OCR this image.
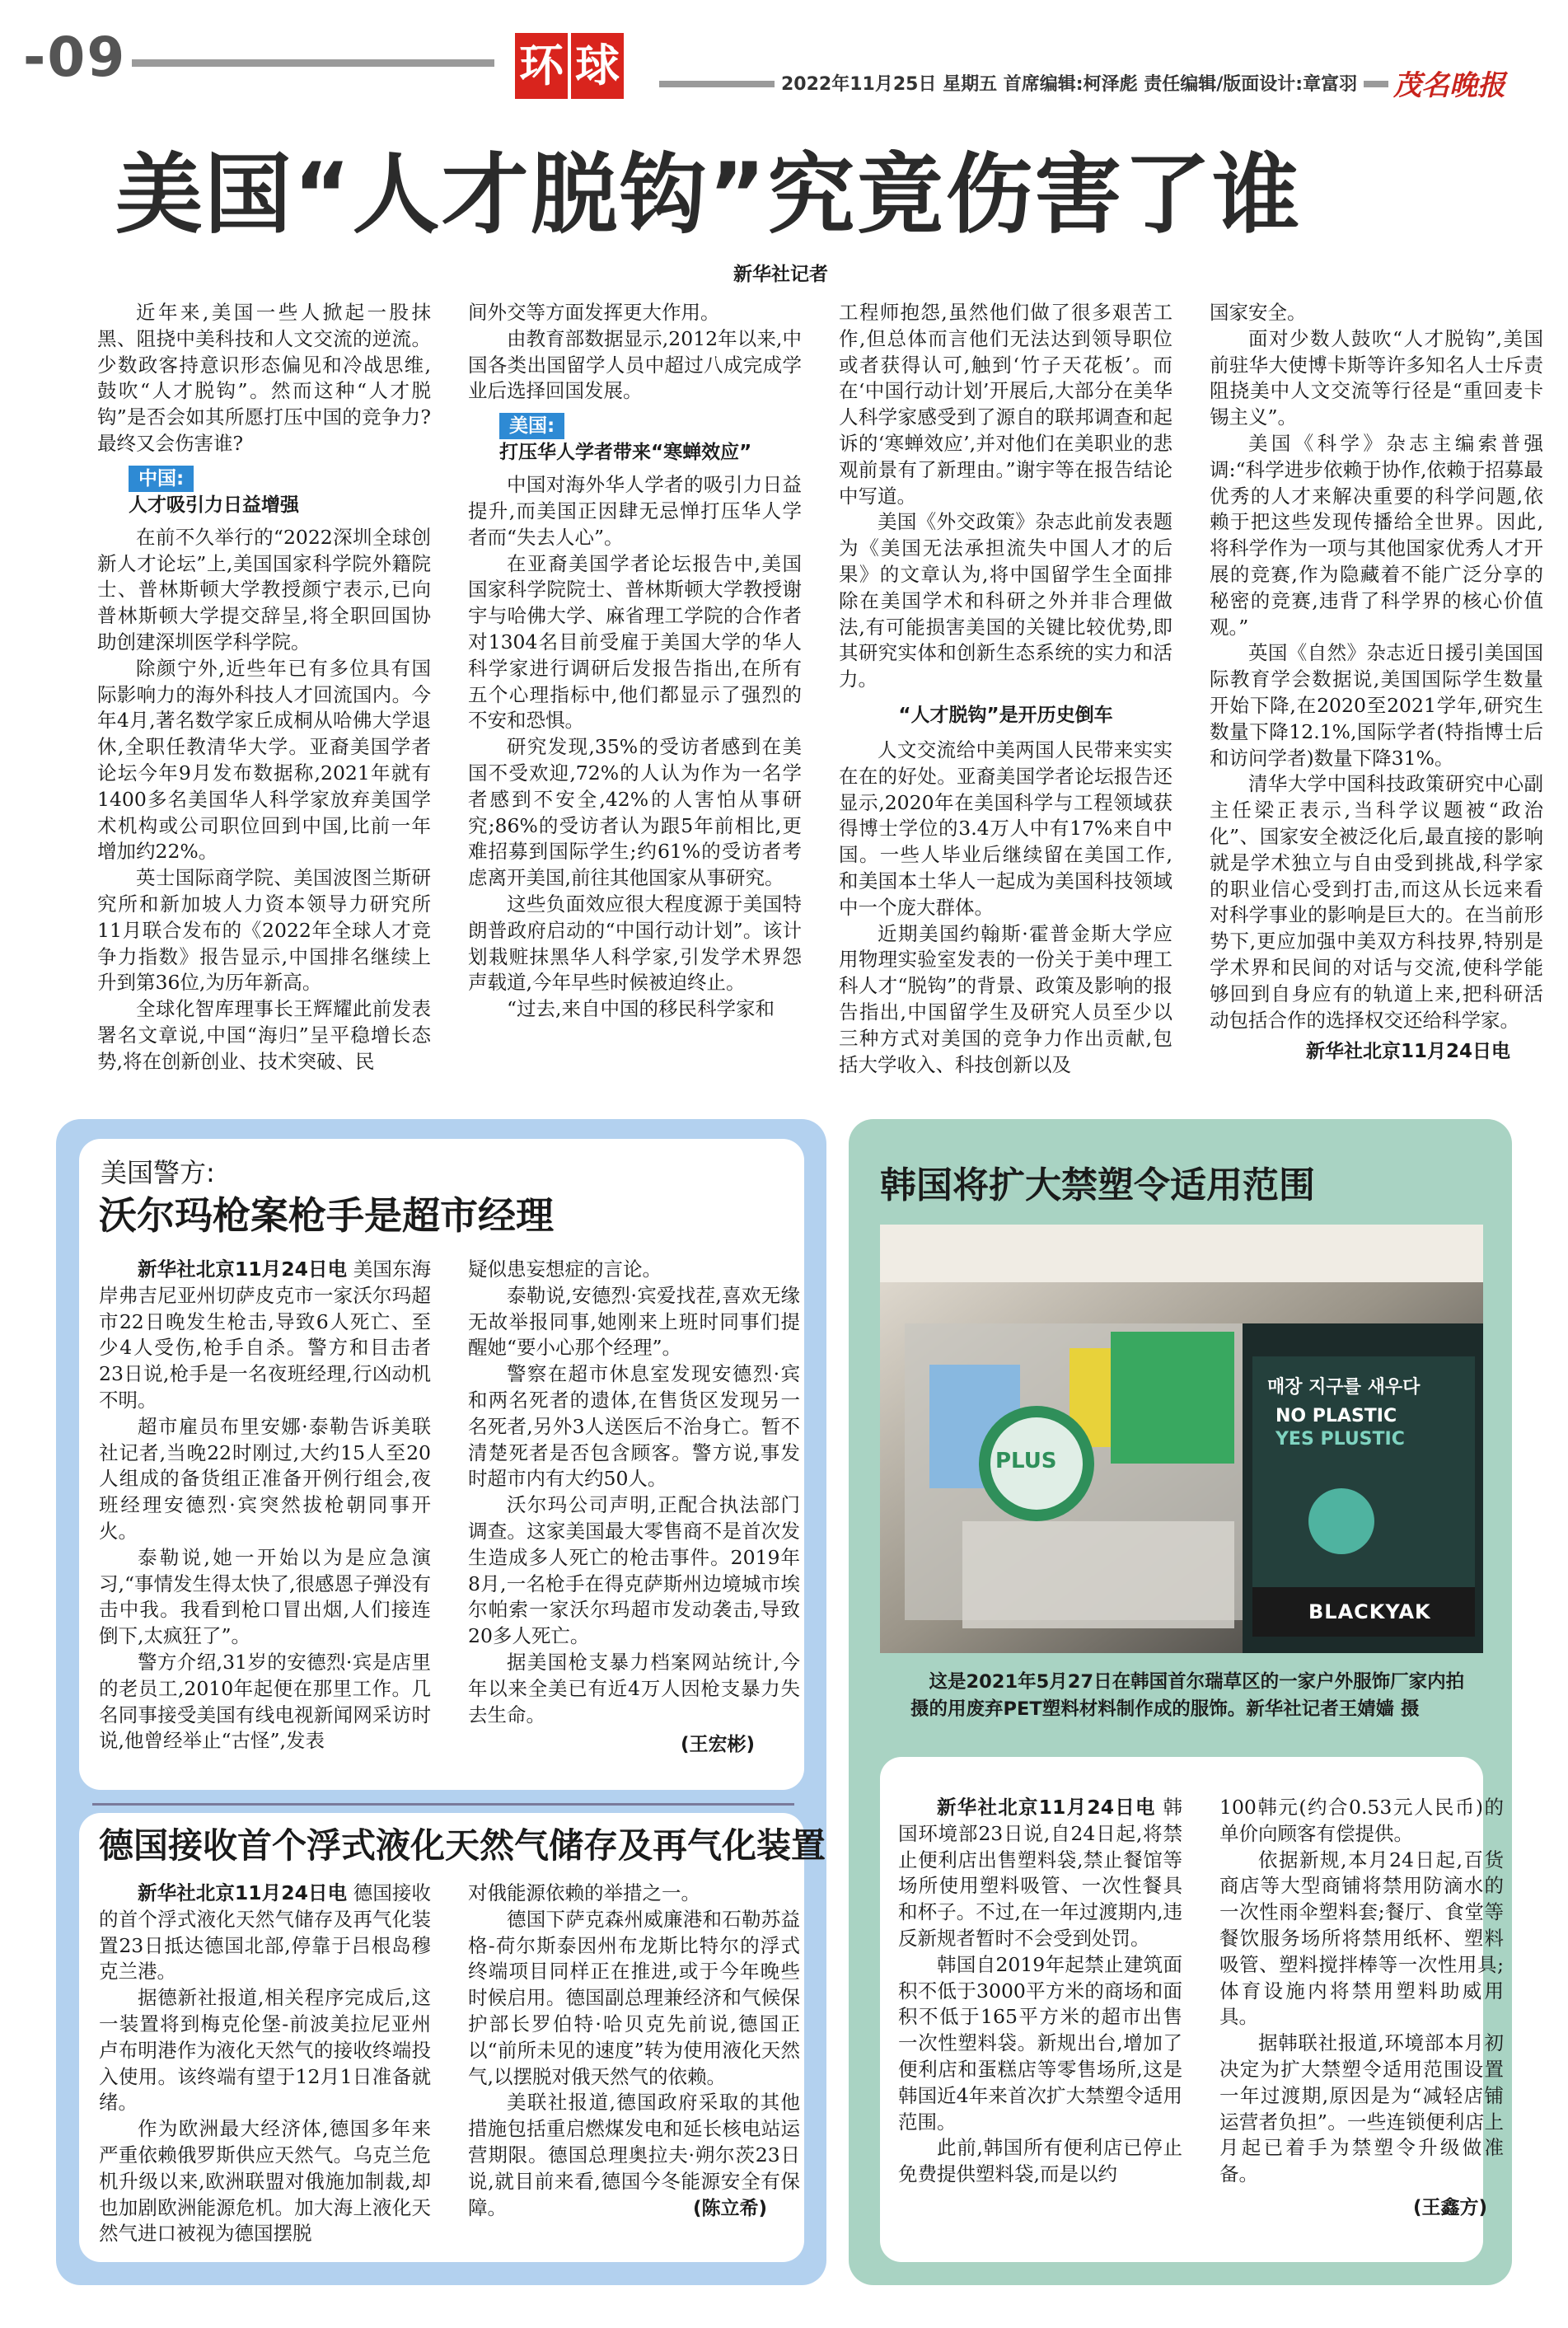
-09	环 球	2022年11月25日 星期五 首席编辑:柯泽彪 责任编辑/版面设计:章富羽 茂名晚报
美国“人才脱钩”究竟伤害了谁
新华社记者

近年来,美国一些人掀起一股抹黑、阻挠中美科技和人文交流的逆流。少数政客持意识形态偏见和冷战思维,鼓吹“人才脱钩”。然而这种“人才脱钩”是否会如其所愿打压中国的竞争力?最终又会伤害谁?

中国:
人才吸引力日益增强

在前不久举行的“2022深圳全球创新人才论坛”上,美国国家科学院外籍院士、普林斯顿大学教授颜宁表示,已向普林斯顿大学提交辞呈,将全职回国协助创建深圳医学科学院。

除颜宁外,近些年已有多位具有国际影响力的海外科技人才回流国内。今年4月,著名数学家丘成桐从哈佛大学退休,全职任教清华大学。亚裔美国学者论坛今年9月发布数据称,2021年就有1400多名美国华人科学家放弃美国学术机构或公司职位回到中国,比前一年增加约22%。

英士国际商学院、美国波图兰斯研究所和新加坡人力资本领导力研究所11月联合发布的《2022年全球人才竞争力指数》报告显示,中国排名继续上升到第36位,为历年新高。

全球化智库理事长王辉耀此前发表署名文章说,中国“海归”呈平稳增长态势,将在创新创业、技术突破、民

间外交等方面发挥更大作用。

由教育部数据显示,2012年以来,中国各类出国留学人员中超过八成完成学业后选择回国发展。

美国:
打压华人学者带来“寒蝉效应”

中国对海外华人学者的吸引力日益提升,而美国正因肆无忌惮打压华人学者而“失去人心”。

在亚裔美国学者论坛报告中,美国国家科学院院士、普林斯顿大学教授谢宇与哈佛大学、麻省理工学院的合作者对1304名目前受雇于美国大学的华人科学家进行调研后发报告指出,在所有五个心理指标中,他们都显示了强烈的不安和恐惧。

研究发现,35%的受访者感到在美国不受欢迎,72%的人认为作为一名学者感到不安全,42%的人害怕从事研究;86%的受访者认为跟5年前相比,更难招募到国际学生;约61%的受访者考虑离开美国,前往其他国家从事研究。

这些负面效应很大程度源于美国特朗普政府启动的“中国行动计划”。该计划栽赃抹黑华人科学家,引发学术界怨声载道,今年早些时候被迫终止。

“过去,来自中国的移民科学家和

工程师抱怨,虽然他们做了很多艰苦工作,但总体而言他们无法达到领导职位或者获得认可,触到‘竹子天花板’。而在‘中国行动计划’开展后,大部分在美华人科学家感受到了源自的联邦调查和起诉的‘寒蝉效应’,并对他们在美职业的悲观前景有了新理由。”谢宇等在报告结论中写道。

美国《外交政策》杂志此前发表题为《美国无法承担流失中国人才的后果》的文章认为,将中国留学生全面排除在美国学术和科研之外并非合理做法,有可能损害美国的关键比较优势,即其研究实体和创新生态系统的实力和活力。

“人才脱钩”是开历史倒车

人文交流给中美两国人民带来实实在在的好处。亚裔美国学者论坛报告还显示,2020年在美国科学与工程领域获得博士学位的3.4万人中有17%来自中国。一些人毕业后继续留在美国工作,和美国本土华人一起成为美国科技领域中一个庞大群体。

近期美国约翰斯·霍普金斯大学应用物理实验室发表的一份关于美中理工科人才“脱钩”的背景、政策及影响的报告指出,中国留学生及研究人员至少以三种方式对美国的竞争力作出贡献,包括大学收入、科技创新以及

国家安全。

面对少数人鼓吹“人才脱钩”,美国前驻华大使博卡斯等许多知名人士斥责阻挠美中人文交流等行径是“重回麦卡锡主义”。

美国《科学》杂志主编索普强调:“科学进步依赖于协作,依赖于招募最优秀的人才来解决重要的科学问题,依赖于把这些发现传播给全世界。因此,将科学作为一项与其他国家优秀人才开展的竞赛,作为隐藏着不能广泛分享的秘密的竞赛,违背了科学界的核心价值观。”

英国《自然》杂志近日援引美国国际教育学会数据说,美国国际学生数量开始下降,在2020至2021学年,研究生数量下降12.1%,国际学者(特指博士后和访问学者)数量下降31%。

清华大学中国科技政策研究中心副主任梁正表示,当科学议题被“政治化”、国家安全被泛化后,最直接的影响就是学术独立与自由受到挑战,科学家的职业信心受到打击,而这从长远来看对科学事业的影响是巨大的。在当前形势下,更应加强中美双方科技界,特别是学术界和民间的对话与交流,使科学能够回到自身应有的轨道上来,把科研活动包括合作的选择权交还给科学家。

新华社北京11月24日电
美国警方:
沃尔玛枪案枪手是超市经理

新华社北京11月24日电 美国东海岸弗吉尼亚州切萨皮克市一家沃尔玛超市22日晚发生枪击,导致6人死亡、至少4人受伤,枪手自杀。警方和目击者23日说,枪手是一名夜班经理,行凶动机不明。

超市雇员布里安娜·泰勒告诉美联社记者,当晚22时刚过,大约15人至20人组成的备货组正准备开例行组会,夜班经理安德烈·宾突然拔枪朝同事开火。

泰勒说,她一开始以为是应急演习,“事情发生得太快了,很感恩子弹没有击中我。我看到枪口冒出烟,人们接连倒下,太疯狂了”。

警方介绍,31岁的安德烈·宾是店里的老员工,2010年起便在那里工作。几名同事接受美国有线电视新闻网采访时说,他曾经举止“古怪”,发表

疑似患妄想症的言论。

泰勒说,安德烈·宾爱找茬,喜欢无缘无故举报同事,她刚来上班时同事们提醒她“要小心那个经理”。

警察在超市休息室发现安德烈·宾和两名死者的遗体,在售货区发现另一名死者,另外3人送医后不治身亡。暂不清楚死者是否包含顾客。警方说,事发时超市内有大约50人。

沃尔玛公司声明,正配合执法部门调查。这家美国最大零售商不是首次发生造成多人死亡的枪击事件。2019年8月,一名枪手在得克萨斯州边境城市埃尔帕索一家沃尔玛超市发动袭击,导致20多人死亡。

据美国枪支暴力档案网站统计,今年以来全美已有近4万人因枪支暴力失去生命。

(王宏彬)
德国接收首个浮式液化天然气储存及再气化装置

新华社北京11月24日电 德国接收的首个浮式液化天然气储存及再气化装置23日抵达德国北部,停靠于吕根岛穆克兰港。

据德新社报道,相关程序完成后,这一装置将到梅克伦堡-前波美拉尼亚州卢布明港作为液化天然气的接收终端投入使用。该终端有望于12月1日准备就绪。

作为欧洲最大经济体,德国多年来严重依赖俄罗斯供应天然气。乌克兰危机升级以来,欧洲联盟对俄施加制裁,却也加剧欧洲能源危机。加大海上液化天然气进口被视为德国摆脱

对俄能源依赖的举措之一。

德国下萨克森州威廉港和石勒苏益格-荷尔斯泰因州布龙斯比特尔的浮式终端项目同样正在推进,或于今年晚些时候启用。德国副总理兼经济和气候保护部长罗伯特·哈贝克先前说,德国正以“前所未见的速度”转为使用液化天然气,以摆脱对俄天然气的依赖。

美联社报道,德国政府采取的其他措施包括重启燃煤发电和延长核电站运营期限。德国总理奥拉夫·朔尔茨23日说,就目前来看,德国今冬能源安全有保障。	(陈立希)
韩国将扩大禁塑令适用范围
PLUS
매장 지구를 새우다
NO PLASTIC
YES PLUSTIC
BLACKYAK
这是2021年5月27日在韩国首尔瑞草区的一家户外服饰厂家内拍摄的用废弃PET塑料材料制作成的服饰。新华社记者王婧嫱 摄

新华社北京11月24日电 韩国环境部23日说,自24日起,将禁止便利店出售塑料袋,禁止餐馆等场所使用塑料吸管、一次性餐具和杯子。不过,在一年过渡期内,违反新规者暂时不会受到处罚。

韩国自2019年起禁止建筑面积不低于3000平方米的商场和面积不低于165平方米的超市出售一次性塑料袋。新规出台,增加了便利店和蛋糕店等零售场所,这是韩国近4年来首次扩大禁塑令适用范围。

此前,韩国所有便利店已停止免费提供塑料袋,而是以约

100韩元(约合0.53元人民币)的单价向顾客有偿提供。

依据新规,本月24日起,百货商店等大型商铺将禁用防滴水的一次性雨伞塑料套;餐厅、食堂等餐饮服务场所将禁用纸杯、塑料吸管、塑料搅拌棒等一次性用具;体育设施内将禁用塑料助威用具。

据韩联社报道,环境部本月初决定为扩大禁塑令适用范围设置一年过渡期,原因是为“减轻店铺运营者负担”。一些连锁便利店上月起已着手为禁塑令升级做准备。

(王鑫方)
